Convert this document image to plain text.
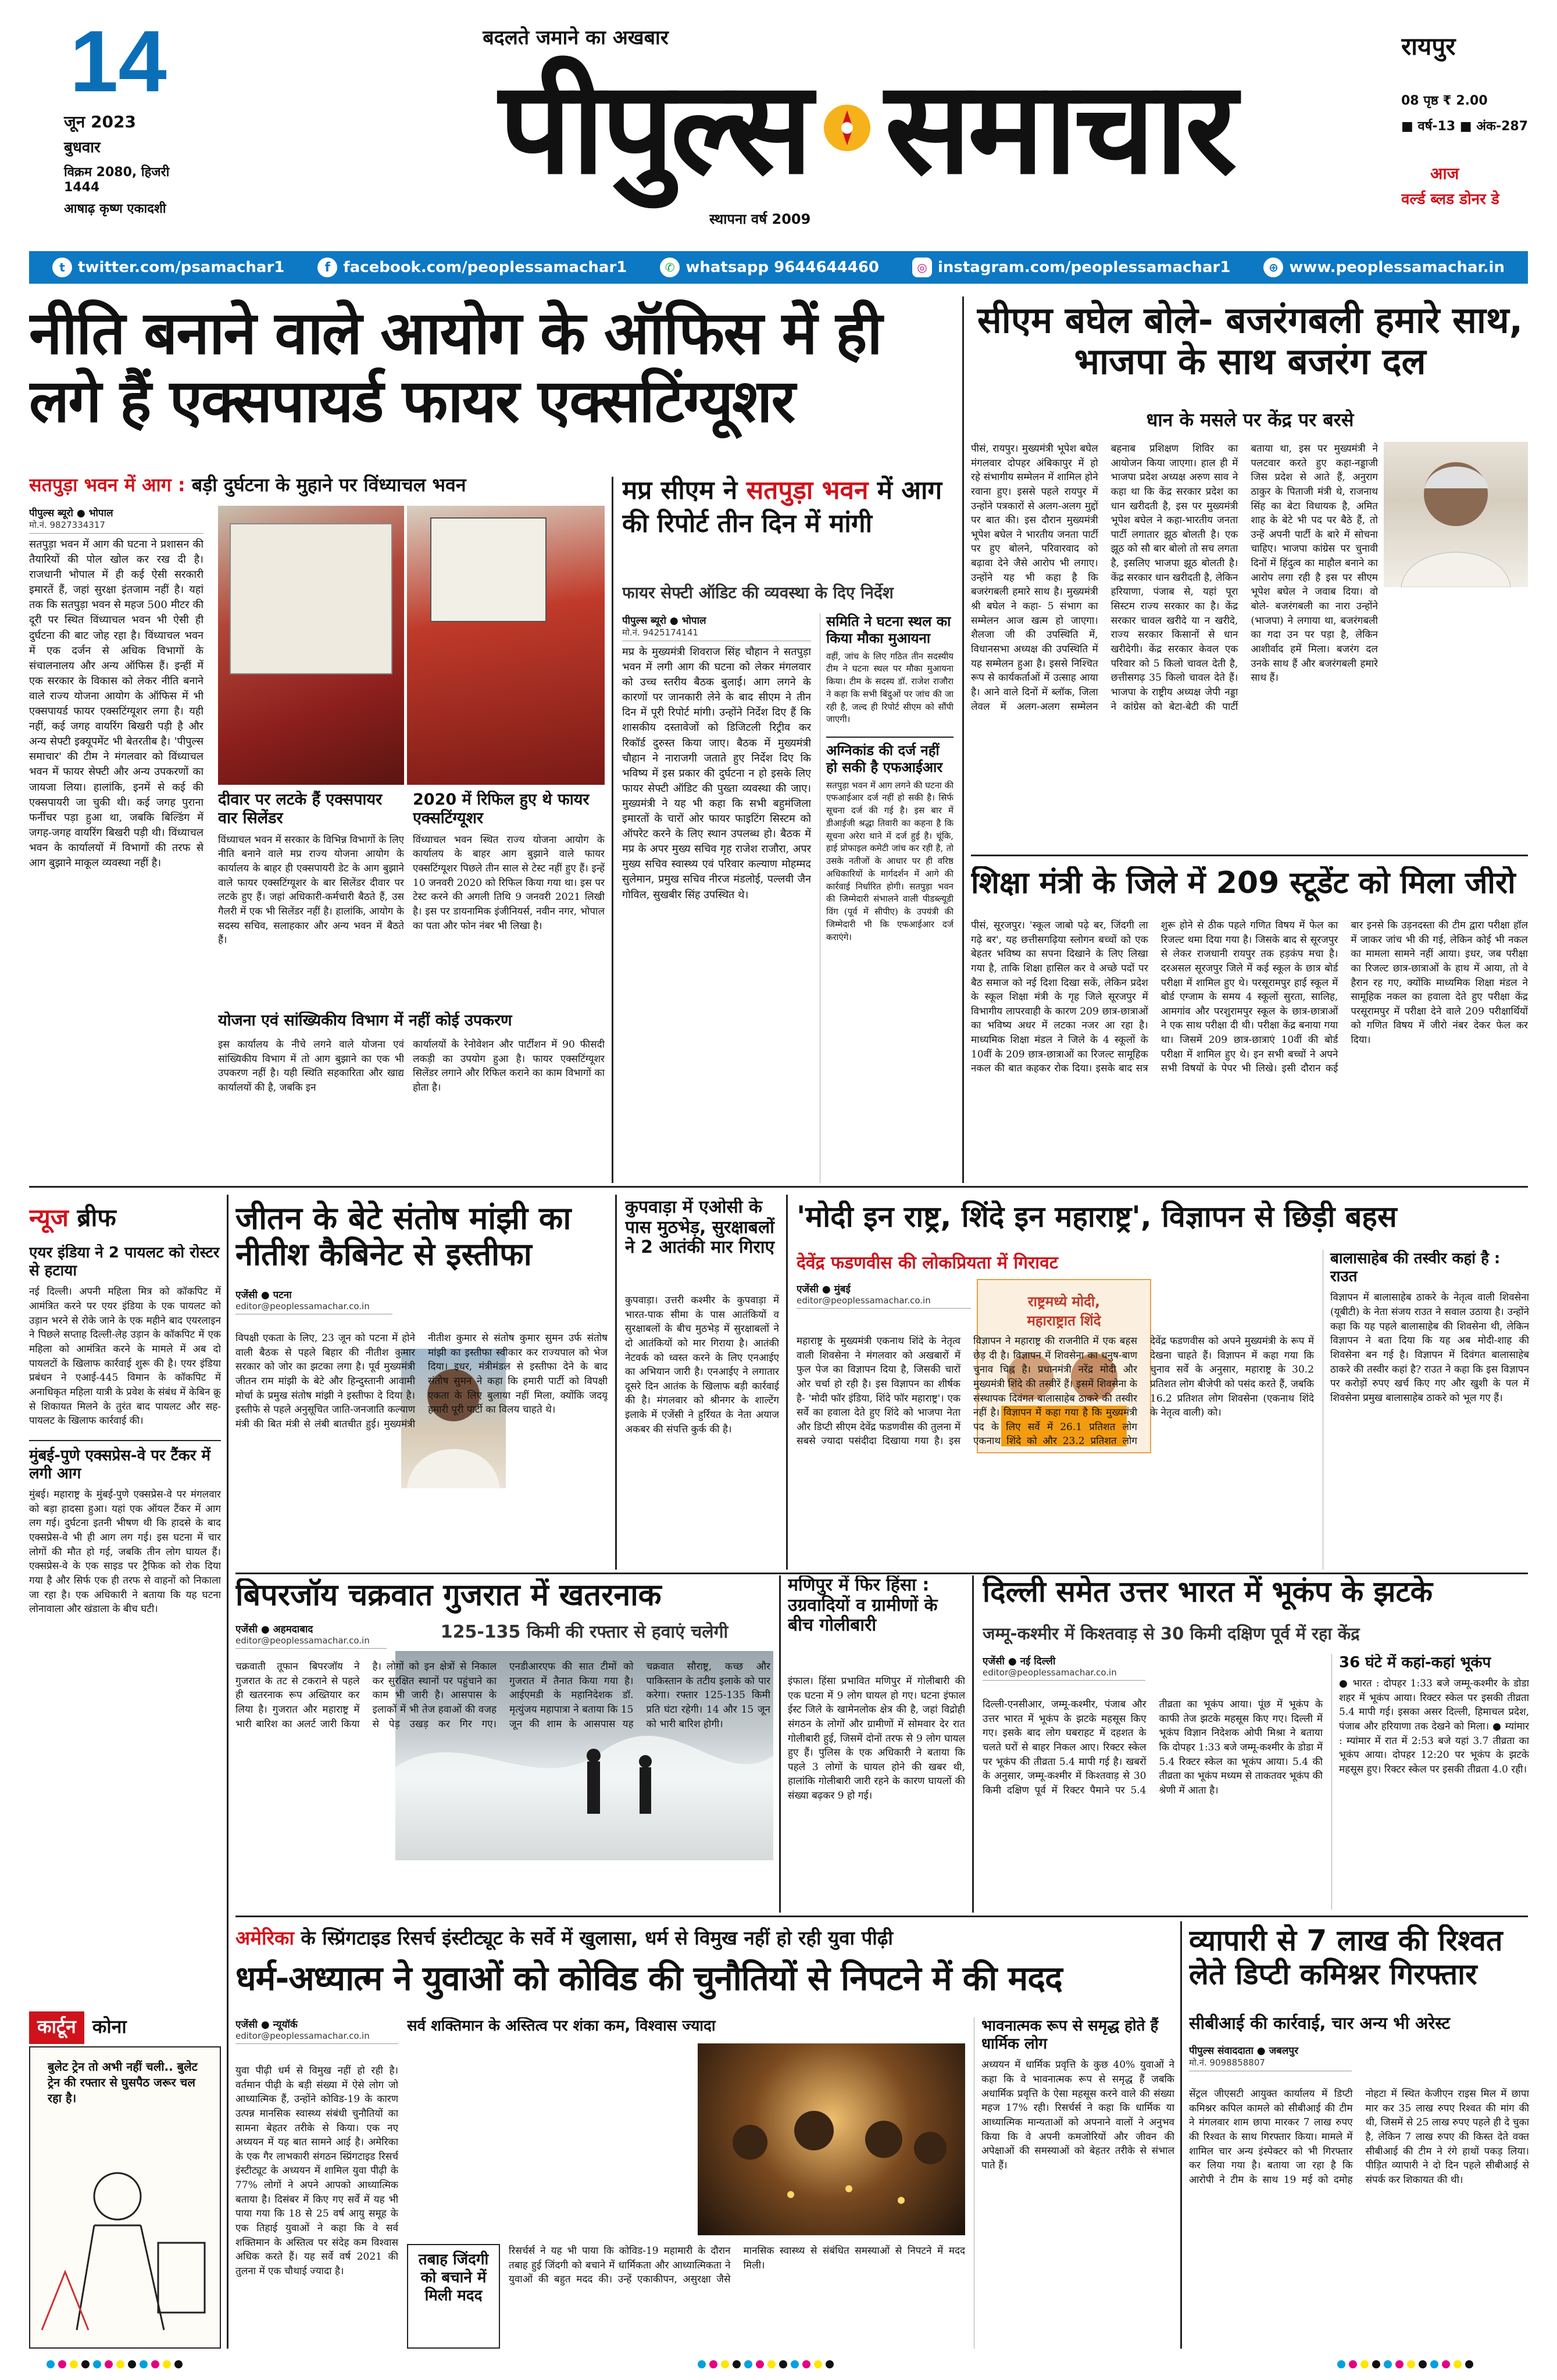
14
जून 2023
बुधवार
विक्रम 2080, हिजरी 1444
आषाढ़ कृष्ण एकादशी
बदलते जमाने का अखबार
पीपुल्स समाचार
स्थापना वर्ष 2009
रायपुर
08 पृष्ठ ₹ 2.00
■ वर्ष-13 ■ अंक-287
आज
वर्ल्ड ब्लड डोनर डे
t twitter.com/psamachar1	f facebook.com/peoplessamachar1	✆ whatsapp 9644644460	◎ instagram.com/peoplessamachar1	⊕ www.peoplessamachar.in
नीति बनाने वाले आयोग के ऑफिस में ही लगे हैं एक्सपायर्ड फायर एक्सटिंग्यूशर
सतपुड़ा भवन में आग : बड़ी दुर्घटना के मुहाने पर विंध्याचल भवन
पीपुल्स ब्यूरो ● भोपाल
मो.नं. 9827334317
सतपुड़ा भवन में आग की घटना ने प्रशासन की तैयारियों की पोल खोल कर रख दी है। राजधानी भोपाल में ही कई ऐसी सरकारी इमारतें हैं, जहां सुरक्षा इंतजाम नहीं है। यहां तक कि सतपुड़ा भवन से महज 500 मीटर की दूरी पर स्थित विंध्याचल भवन भी ऐसी ही दुर्घटना की बाट जोह रहा है। विंध्याचल भवन में एक दर्जन से अधिक विभागों के संचालनालय और अन्य ऑफिस हैं। इन्हीं में एक सरकार के विकास को लेकर नीति बनाने वाले राज्य योजना आयोग के ऑफिस में भी एक्सपायर्ड फायर एक्सटिंग्यूशर लगा है। यही नहीं, कई जगह वायरिंग बिखरी पड़ी है और अन्य सेफ्टी इक्यूपमेंट भी बेतरतीब है। 'पीपुल्स समाचार' की टीम ने मंगलवार को विंध्याचल भवन में फायर सेफ्टी और अन्य उपकरणों का जायजा लिया। हालांकि, इनमें से कई की एक्सपायरी जा चुकी थी। कई जगह पुराना फर्नीचर पड़ा हुआ था, जबकि बिल्डिंग में जगह-जगह वायरिंग बिखरी पड़ी थी। विंध्याचल भवन के कार्यालयों में विभागों की तरफ से आग बुझाने माकूल व्यवस्था नहीं है।
दीवार पर लटके हैं एक्सपायर वार सिलेंडर
विंध्याचल भवन में सरकार के विभिन्न विभागों के लिए नीति बनाने वाले मप्र राज्य योजना आयोग के कार्यालय के बाहर ही एक्सपायरी डेट के आग बुझाने वाले फायर एक्सटिंग्यूशर के बार सिलेंडर दीवार पर लटके हुए हैं। जहां अधिकारी-कर्मचारी बैठते हैं, उस गैलरी में एक भी सिलेंडर नहीं है। हालांकि, आयोग के सदस्य सचिव, सलाहकार और अन्य भवन में बैठते हैं।
2020 में रिफिल हुए थे फायर एक्सटिंग्यूशर
विंध्याचल भवन स्थित राज्य योजना आयोग के कार्यालय के बाहर आग बुझाने वाले फायर एक्सटिंग्यूशर पिछले तीन साल से टेस्ट नहीं हुए हैं। इन्हें 10 जनवरी 2020 को रिफिल किया गया था। इस पर टेस्ट करने की अगली तिथि 9 जनवरी 2021 लिखी है। इस पर डायनामिक इंजीनियर्स, नवीन नगर, भोपाल का पता और फोन नंबर भी लिखा है।
योजना एवं सांख्यिकीय विभाग में नहीं कोई उपकरण
इस कार्यालय के नीचे लगने वाले योजना एवं सांख्यिकीय विभाग में तो आग बुझाने का एक भी उपकरण नहीं है। यही स्थिति सहकारिता और खाद्य कार्यालयों की है, जबकि इन
कार्यालयों के रेनोवेशन और पार्टीशन में 90 फीसदी लकड़ी का उपयोग हुआ है। फायर एक्सटिंग्यूशर सिलेंडर लगाने और रिफिल कराने का काम विभागों का होता है।
मप्र सीएम ने सतपुड़ा भवन में आग की रिपोर्ट तीन दिन में मांगी
फायर सेफ्टी ऑडिट की व्यवस्था के दिए निर्देश
पीपुल्स ब्यूरो ● भोपाल
मो.नं. 9425174141
मप्र के मुख्यमंत्री शिवराज सिंह चौहान ने सतपुड़ा भवन में लगी आग की घटना को लेकर मंगलवार को उच्च स्तरीय बैठक बुलाई। आग लगने के कारणों पर जानकारी लेने के बाद सीएम ने तीन दिन में पूरी रिपोर्ट मांगी। उन्होंने निर्देश दिए हैं कि शासकीय दस्तावेजों को डिजिटली रिट्रीव कर रिकॉर्ड दुरुस्त किया जाए। बैठक में मुख्यमंत्री चौहान ने नाराजगी जताते हुए निर्देश दिए कि भविष्य में इस प्रकार की दुर्घटना न हो इसके लिए फायर सेफ्टी ऑडिट की पुख्ता व्यवस्था की जाए। मुख्यमंत्री ने यह भी कहा कि सभी बहुमंजिला इमारतों के चारों ओर फायर फाइटिंग सिस्टम को ऑपरेट करने के लिए स्थान उपलब्ध हो। बैठक में मप्र के अपर मुख्य सचिव गृह राजेश राजौरा, अपर मुख्य सचिव स्वास्थ्य एवं परिवार कल्याण मोहम्मद सुलेमान, प्रमुख सचिव नीरज मंडलोई, पल्लवी जैन गोविल, सुखबीर सिंह उपस्थित थे।
समिति ने घटना स्थल का किया मौका मुआयना
वहीं, जांच के लिए गठित तीन सदस्यीय टीम ने घटना स्थल पर मौका मुआयना किया। टीम के सदस्य डॉ. राजेश राजौरा ने कहा कि सभी बिंदुओं पर जांच की जा रही है, जल्द ही रिपोर्ट सीएम को सौंपी जाएगी।
अग्निकांड की दर्ज नहीं हो सकी है एफआईआर
सतपुड़ा भवन में आग लगने की घटना की एफआईआर दर्ज नहीं हो सकी है। सिर्फ सूचना दर्ज की गई है। इस बार में डीआईजी श्रद्धा तिवारी का कहना है कि सूचना अरेरा थाने में दर्ज हुई है। चूंकि, हाई प्रोफाइल कमेटी जांच कर रही है, तो उसके नतीजों के आधार पर ही वरिष्ठ अधिकारियों के मार्गदर्शन में आगे की कार्रवाई निर्धारित होगी। सतपुड़ा भवन की जिम्मेदारी संभालने वाली पीडब्ल्यूडी विंग (पूर्व में सीपीए) के उपयंत्री की जिम्मेदारी भी कि एफआईआर दर्ज कराएंगे।
सीएम बघेल बोले- बजरंगबली हमारे साथ, भाजपा के साथ बजरंग दल
धान के मसले पर केंद्र पर बरसे
पीसं, रायपुर। मुख्यमंत्री भूपेश बघेल मंगलवार दोपहर अंबिकापुर में हो रहे संभागीय सम्मेलन में शामिल होने रवाना हुए। इससे पहले रायपुर में उन्होंने पत्रकारों से अलग-अलग मुद्दों पर बात की। इस दौरान मुख्यमंत्री भूपेश बघेल ने भारतीय जनता पार्टी पर हुए बोलने, परिवारवाद को बढ़ावा देने जैसे आरोप भी लगाए। उन्होंने यह भी कहा है कि बजरंगबली हमारे साथ है। मुख्यमंत्री श्री बघेल ने कहा- 5 संभाग का सम्मेलन आज खत्म हो जाएगा। शैलजा जी की उपस्थिति में, विधानसभा अध्यक्ष की उपस्थिति में यह सम्मेलन हुआ है। इससे निश्चित रूप से कार्यकर्ताओं में उत्साह आया है। आने वाले दिनों में ब्लॉक, जिला लेवल में अलग-अलग सम्मेलन बहनाब प्रशिक्षण शिविर का आयोजन किया जाएगा। हाल ही में भाजपा प्रदेश अध्यक्ष अरुण साव ने कहा था कि केंद्र सरकार प्रदेश का धान खरीदती है, इस पर मुख्यमंत्री भूपेश बघेल ने कहा-भारतीय जनता पार्टी लगातार झूठ बोलती है। एक झूठ को सौ बार बोलो तो सच लगता है, इसलिए भाजपा झूठ बोलती है। केंद्र सरकार धान खरीदती है, लेकिन हरियाणा, पंजाब से, यहां पूरा सिस्टम राज्य सरकार का है। केंद्र सरकार चावल खरीदे या न खरीदे, राज्य सरकार किसानों से धान खरीदेगी। केंद्र सरकार केवल एक परिवार को 5 किलो चावल देती है, छत्तीसगढ़ 35 किलो चावल देते हैं। भाजपा के राष्ट्रीय अध्यक्ष जेपी नड्डा ने कांग्रेस को बेटा-बेटी की पार्टी बताया था, इस पर मुख्यमंत्री ने पलटवार करते हुए कहा-नड्डाजी जिस प्रदेश से आते हैं, अनुराग ठाकुर के पिताजी मंत्री थे, राजनाथ सिंह का बेटा विधायक है, अमित शाह के बेटे भी पद पर बैठे हैं, तो उन्हें अपनी पार्टी के बारे में सोचना चाहिए। भाजपा कांग्रेस पर चुनावी दिनों में हिंदुत्व का माहौल बनाने का आरोप लगा रही है इस पर सीएम भूपेश बघेल ने जवाब दिया। वो बोले- बजरंगबली का नारा उन्होंने (भाजपा) ने लगाया था, बजरंगबली का गदा उन पर पड़ा है, लेकिन आशीर्वाद हमें मिला। बजरंग दल उनके साथ हैं और बजरंगबली हमारे साथ हैं।
शिक्षा मंत्री के जिले में 209 स्टूडेंट को मिला जीरो
पीसं, सूरजपुर। 'स्कूल जाबो पढ़े बर, जिंदगी ला गढ़े बर', यह छत्तीसगढ़िया स्लोगन बच्चों को एक बेहतर भविष्य का सपना दिखाने के लिए लिखा गया है, ताकि शिक्षा हासिल कर वे अच्छे पदों पर बैठ समाज को नई दिशा दिखा सकें, लेकिन प्रदेश के स्कूल शिक्षा मंत्री के गृह जिले सूरजपुर में विभागीय लापरवाही के कारण 209 छात्र-छात्राओं का भविष्य अधर में लटका नजर आ रहा है। माध्यमिक शिक्षा मंडल ने जिले के 4 स्कूलों के 10वीं के 209 छात्र-छात्राओं का रिजल्ट सामूहिक नकल की बात कहकर रोक दिया। इसके बाद सत्र शुरू होने से ठीक पहले गणित विषय में फेल का रिजल्ट थमा दिया गया है। जिसके बाद से सूरजपुर से लेकर राजधानी रायपुर तक हड़कंप मचा है। दरअसल सूरजपुर जिले में कई स्कूल के छात्र बोर्ड परीक्षा में शामिल हुए थे। परसूरामपुर हाई स्कूल में बोर्ड एग्जाम के समय 4 स्कूलों सुरता, सालिह, आमगांव और परशुरामपुर स्कूल के छात्र-छात्राओं ने एक साथ परीक्षा दी थी। परीक्षा केंद्र बनाया गया था। जिसमें 209 छात्र-छात्राएं 10वीं की बोर्ड परीक्षा में शामिल हुए थे। इन सभी बच्चों ने अपने सभी विषयों के पेपर भी लिखे। इसी दौरान कई बार इनसे कि उड़नदस्ता की टीम द्वारा परीक्षा हॉल में जाकर जांच भी की गई, लेकिन कोई भी नकल का मामला सामने नहीं आया। इधर, जब परीक्षा का रिजल्ट छात्र-छात्राओं के हाथ में आया, तो वे हैरान रह गए, क्योंकि माध्यमिक शिक्षा मंडल ने सामूहिक नकल का हवाला देते हुए परीक्षा केंद्र परसूरामपुर में परीक्षा देने वाले 209 परीक्षार्थियों को गणित विषय में जीरो नंबर देकर फेल कर दिया।
न्यूज ब्रीफ
एयर इंडिया ने 2 पायलट को रोस्टर से हटाया
नई दिल्ली। अपनी महिला मित्र को कॉकपिट में आमंत्रित करने पर एयर इंडिया के एक पायलट को उड़ान भरने से रोके जाने के एक महीने बाद एयरलाइन ने पिछले सप्ताह दिल्ली-लेह उड़ान के कॉकपिट में एक महिला को आमंत्रित करने के मामले में अब दो पायलटों के खिलाफ कार्रवाई शुरू की है। एयर इंडिया प्रबंधन ने एआई-445 विमान के कॉकपिट में अनाधिकृत महिला यात्री के प्रवेश के संबंध में केबिन क्रू से शिकायत मिलने के तुरंत बाद पायलट और सह-पायलट के खिलाफ कार्रवाई की।
मुंबई-पुणे एक्सप्रेस-वे पर टैंकर में लगी आग
मुंबई। महाराष्ट्र के मुंबई-पुणे एक्सप्रेस-वे पर मंगलवार को बड़ा हादसा हुआ। यहां एक ऑयल टैंकर में आग लग गई। दुर्घटना इतनी भीषण थी कि हादसे के बाद एक्सप्रेस-वे भी ही आग लग गई। इस घटना में चार लोगों की मौत हो गई, जबकि तीन लोग घायल हैं। एक्सप्रेस-वे के एक साइड पर ट्रैफिक को रोक दिया गया है और सिर्फ एक ही तरफ से वाहनों को निकाला जा रहा है। एक अधिकारी ने बताया कि यह घटना लोनावाला और खंडाला के बीच घटी।
कार्टून कोना
बुलेट ट्रेन तो अभी नहीं चली.. बुलेट ट्रेन की रफ्तार से घुसपैठ जरूर चल रहा है।
जीतन के बेटे संतोष मांझी का नीतीश कैबिनेट से इस्तीफा
एजेंसी ● पटना
editor@peoplessamachar.co.in
विपक्षी एकता के लिए, 23 जून को पटना में होने वाली बैठक से पहले बिहार की नीतीश कुमार सरकार को जोर का झटका लगा है। पूर्व मुख्यमंत्री जीतन राम मांझी के बेटे और हिन्दुस्तानी आवामी मोर्चा के प्रमुख संतोष मांझी ने इस्तीफा दे दिया है। इस्तीफे से पहले अनुसूचित जाति-जनजाति कल्याण मंत्री की बित मंत्री से लंबी बातचीत हुई। मुख्यमंत्री नीतीश कुमार से संतोष कुमार सुमन उर्फ संतोष मांझी का इस्तीफा स्वीकार कर राज्यपाल को भेज दिया। इधर, मंत्रीमंडल से इस्तीफा देने के बाद संतोष सुमन ने कहा कि हमारी पार्टी को विपक्षी एकता के लिए बुलाया नहीं मिला, क्योंकि जदयू हमारी पूरी पार्टी का विलय चाहते थे।
कुपवाड़ा में एओसी के पास मुठभेड़, सुरक्षाबलों ने 2 आतंकी मार गिराए
कुपवाड़ा। उत्तरी कश्मीर के कुपवाड़ा में भारत-पाक सीमा के पास आतंकियों व सुरक्षाबलों के बीच मुठभेड़ में सुरक्षाबलों ने दो आतंकियों को मार गिराया है। आतंकी नेटवर्क को ध्वस्त करने के लिए एनआईए का अभियान जारी है। एनआईए ने लगातार दूसरे दिन आतंक के खिलाफ बड़ी कार्रवाई की है। मंगलवार को श्रीनगर के शाल्टेंग इलाके में एजेंसी ने हुर्रियत के नेता अयाज अकबर की संपत्ति कुर्क की है।
'मोदी इन राष्ट्र, शिंदे इन महाराष्ट्र', विज्ञापन से छिड़ी बहस
देवेंद्र फडणवीस की लोकप्रियता में गिरावट
एजेंसी ● मुंबई
editor@peoplessamachar.co.in	राष्ट्रमध्ये मोदी,
महाराष्ट्रात शिंदे
महाराष्ट्र के मुख्यमंत्री एकनाथ शिंदे के नेतृत्व वाली शिवसेना ने मंगलवार को अखबारों में फुल पेज का विज्ञापन दिया है, जिसकी चारों ओर चर्चा हो रही है। इस विज्ञापन का शीर्षक है- 'मोदी फॉर इंडिया, शिंदे फॉर महाराष्ट्र'। एक सर्वे का हवाला देते हुए शिंदे को भाजपा नेता और डिप्टी सीएम देवेंद्र फडणवीस की तुलना में सबसे ज्यादा पसंदीदा दिखाया गया है। इस विज्ञापन ने महाराष्ट्र की राजनीति में एक बहस छेड़ दी है। विज्ञापन में शिवसेना का धनुष-बाण चुनाव चिह्न है। प्रधानमंत्री नरेंद्र मोदी और मुख्यमंत्री शिंदे की तस्वीरें हैं। इसमें शिवसेना के संस्थापक दिवंगत बालासाहेब ठाकरे की तस्वीर नहीं है। विज्ञापन में कहा गया है कि मुख्यमंत्री पद के लिए सर्वे में 26.1 प्रतिशत लोग एकनाथ शिंदे को और 23.2 प्रतिशत लोग देवेंद्र फडणवीस को अपने मुख्यमंत्री के रूप में देखना चाहते हैं। विज्ञापन में कहा गया कि चुनाव सर्वे के अनुसार, महाराष्ट्र के 30.2 प्रतिशत लोग बीजेपी को पसंद करते हैं, जबकि 16.2 प्रतिशत लोग शिवसेना (एकनाथ शिंदे के नेतृत्व वाली) को।
बालासाहेब की तस्वीर कहां है : राउत
विज्ञापन में बालासाहेब ठाकरे के नेतृत्व वाली शिवसेना (यूबीटी) के नेता संजय राउत ने सवाल उठाया है। उन्होंने कहा कि यह पहले बालासाहेब की शिवसेना थी, लेकिन विज्ञापन ने बता दिया कि यह अब मोदी-शाह की शिवसेना बन गई है। विज्ञापन में दिवंगत बालासाहेब ठाकरे की तस्वीर कहां है? राउत ने कहा कि इस विज्ञापन पर करोड़ों रुपए खर्च किए गए और खुशी के पल में शिवसेना प्रमुख बालासाहेब ठाकरे को भूल गए हैं।
बिपरजॉय चक्रवात गुजरात में खतरनाक
एजेंसी ● अहमदाबाद
editor@peoplessamachar.co.in	125-135 किमी की रफ्तार से हवाएं चलेगी
चक्रवाती तूफान बिपरजॉय ने गुजरात के तट से टकराने से पहले ही खतरनाक रूप अख्तियार कर लिया है। गुजरात और महाराष्ट्र में भारी बारिश का अलर्ट जारी किया है। लोगों को इन क्षेत्रों से निकाल कर सुरक्षित स्थानों पर पहुंचाने का काम भी जारी है। आसपास के इलाकों में भी तेज हवाओं की वजह से पेड़ उखड़ कर गिर गए। एनडीआरएफ की सात टीमों को गुजरात में तैनात किया गया है। आईएमडी के महानिदेशक डॉ. मृत्युंजय महापात्रा ने बताया कि 15 जून की शाम के आसपास यह चक्रवात सौराष्ट्र, कच्छ और पाकिस्तान के तटीय इलाके को पार करेगा। रफ्तार 125-135 किमी प्रति घंटा रहेगी। 14 और 15 जून को भारी बारिश होगी।
मणिपुर में फिर हिंसा : उग्रवादियों व ग्रामीणों के बीच गोलीबारी
इंफाल। हिंसा प्रभावित मणिपुर में गोलीबारी की एक घटना में 9 लोग घायल हो गए। घटना इंफाल ईस्ट जिले के खामेनलोक क्षेत्र की है, जहां विद्रोही संगठन के लोगों और ग्रामीणों में सोमवार देर रात गोलीबारी हुई, जिसमें दोनों तरफ से 9 लोग घायल हुए हैं। पुलिस के एक अधिकारी ने बताया कि पहले 3 लोगों के घायल होने की खबर थी, हालांकि गोलीबारी जारी रहने के कारण घायलों की संख्या बढ़कर 9 हो गई।
दिल्ली समेत उत्तर भारत में भूकंप के झटके
जम्मू-कश्मीर में किश्तवाड़ से 30 किमी दक्षिण पूर्व में रहा केंद्र
एजेंसी ● नई दिल्ली
editor@peoplessamachar.co.in
दिल्ली-एनसीआर, जम्मू-कश्मीर, पंजाब और उत्तर भारत में भूकंप के झटके महसूस किए गए। इसके बाद लोग घबराहट में दहशत के चलते घरों से बाहर निकल आए। रिक्टर स्केल पर भूकंप की तीव्रता 5.4 मापी गई है। खबरों के अनुसार, जम्मू-कश्मीर में किश्तवाड़ से 30 किमी दक्षिण पूर्व में रिक्टर पैमाने पर 5.4 तीव्रता का भूकंप आया। पूंछ में भूकंप के काफी तेज झटके महसूस किए गए। दिल्ली में भूकंप विज्ञान निदेशक ओपी मिश्रा ने बताया कि दोपहर 1:33 बजे जम्मू-कश्मीर के डोडा में 5.4 रिक्टर स्केल का भूकंप आया। 5.4 की तीव्रता का भूकंप मध्यम से ताकतवर भूकंप की श्रेणी में आता है।
36 घंटे में कहां-कहां भूकंप
● भारत : दोपहर 1:33 बजे जम्मू-कश्मीर के डोडा शहर में भूकंप आया। रिक्टर स्केल पर इसकी तीव्रता 5.4 मापी गई। इसका असर दिल्ली, हिमाचल प्रदेश, पंजाब और हरियाणा तक देखने को मिला। ● म्यांमार : म्यांमार में रात में 2:53 बजे यहां 3.7 तीव्रता का भूकंप आया। दोपहर 12:20 पर भूकंप के झटके महसूस हुए। रिक्टर स्केल पर इसकी तीव्रता 4.0 रही।
अमेरिका के स्प्रिंगटाइड रिसर्च इंस्टीट्यूट के सर्वे में खुलासा, धर्म से विमुख नहीं हो रही युवा पीढ़ी
धर्म-अध्यात्म ने युवाओं को कोविड की चुनौतियों से निपटने में की मदद
एजेंसी ● न्यूयॉर्क
editor@peoplessamachar.co.in
युवा पीढ़ी धर्म से विमुख नहीं हो रही है। वर्तमान पीढ़ी के बड़ी संख्या में ऐसे लोग जो आध्यात्मिक हैं, उन्होंने कोविड-19 के कारण उत्पन्न मानसिक स्वास्थ्य संबंधी चुनौतियों का सामना बेहतर तरीके से किया। एक नए अध्ययन में यह बात सामने आई है। अमेरिका के एक गैर लाभकारी संगठन स्प्रिंगटाइड रिसर्च इंस्टीट्यूट के अध्ययन में शामिल युवा पीढ़ी के 77% लोगों ने अपने आपको आध्यात्मिक बताया है। दिसंबर में किए गए सर्वे में यह भी पाया गया कि 18 से 25 वर्ष आयु समूह के एक तिहाई युवाओं ने कहा कि वे सर्व शक्तिमान के अस्तित्व पर संदेह कम विश्वास अधिक करते हैं। यह सर्वे वर्ष 2021 की तुलना में एक चौथाई ज्यादा है।
सर्व शक्तिमान के अस्तित्व पर शंका कम, विश्वास ज्यादा
तबाह जिंदगी को बचाने में मिली मदद
रिसर्चर्स ने यह भी पाया कि कोविड-19 महामारी के दौरान तबाह हुई जिंदगी को बचाने में धार्मिकता और आध्यात्मिकता ने युवाओं की बहुत मदद की। उन्हें एकाकीपन, असुरक्षा जैसे मानसिक स्वास्थ्य से संबंधित समस्याओं से निपटने में मदद मिली।
भावनात्मक रूप से समृद्ध होते हैं धार्मिक लोग
अध्ययन में धार्मिक प्रवृत्ति के कुछ 40% युवाओं ने कहा कि वे भावनात्मक रूप से समृद्ध हैं जबकि अधार्मिक प्रवृत्ति के ऐसा महसूस करने वाले की संख्या महज 17% रही। रिसर्चर्स ने कहा कि धार्मिक या आध्यात्मिक मान्यताओं को अपनाने वालों ने अनुभव किया कि वे अपनी कमजोरियों और जीवन की अपेक्षाओं की समस्याओं को बेहतर तरीके से संभाल पाते हैं।
व्यापारी से 7 लाख की रिश्वत लेते डिप्टी कमिश्नर गिरफ्तार
सीबीआई की कार्रवाई, चार अन्य भी अरेस्ट
पीपुल्स संवाददाता ● जबलपुर
मो.नं. 9098858807
सेंट्रल जीएसटी आयुक्त कार्यालय में डिप्टी कमिश्नर कपिल कामले को सीबीआई की टीम ने मंगलवार शाम छापा मारकर 7 लाख रुपए की रिश्वत के साथ गिरफ्तार किया। मामले में शामिल चार अन्य इंस्पेक्टर को भी गिरफ्तार कर लिया गया है। बताया जा रहा है कि आरोपी ने टीम के साथ 19 मई को दमोह नोहटा में स्थित केजीएन राइस मिल में छापा मार कर 35 लाख रुपए रिश्वत की मांग की थी, जिसमें से 25 लाख रुपए पहले ही दे चुका है, लेकिन 7 लाख रुपए की किस्त देते वक्त सीबीआई की टीम ने रंगे हाथों पकड़ लिया। पीड़ित व्यापारी ने दो दिन पहले सीबीआई से संपर्क कर शिकायत की थी।
